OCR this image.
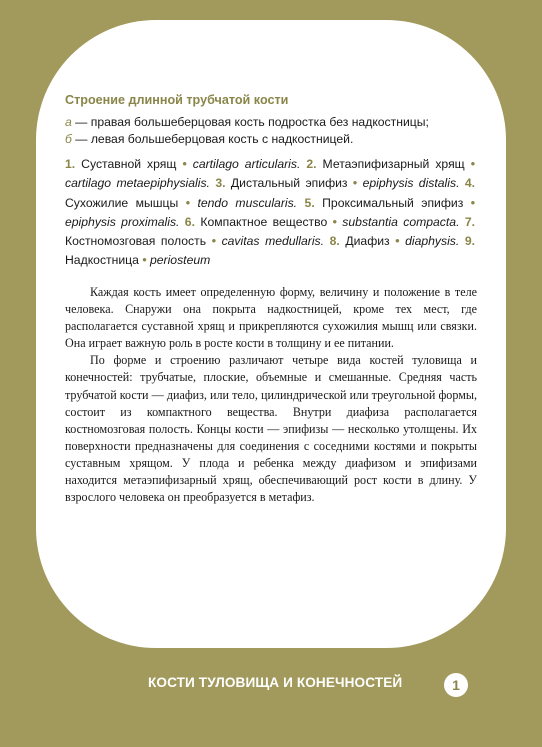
Строение длинной трубчатой кости

а — правая большеберцовая кость подростка без надкостницы;

б — левая большеберцовая кость с надкостницей.

1. Суставной хрящ • cartilago articularis. 2. Метаэпифизарный хрящ • cartilago metaepiphysialis. 3. Дистальный эпифиз • epiphysis distalis. 4. Сухожилие мышцы • tendo muscularis. 5. Проксимальный эпифиз • epiphysis proximalis. 6. Компактное вещество • substantia compacta. 7. Костномозговая полость • cavitas medullaris. 8. Диафиз • diaphysis. 9. Надкостница • periosteum

Каждая кость имеет определенную форму, величину и положение в теле человека. Снаружи она покрыта надкостницей, кроме тех мест, где располагается суставной хрящ и прикрепляются сухожилия мышц или связки. Она играет важную роль в росте кости в толщину и ее питании.

По форме и строению различают четыре вида костей туловища и конечностей: трубчатые, плоские, объемные и смешанные. Средняя часть трубчатой кости — диафиз, или тело, цилиндрической или треугольной формы, состоит из компактного вещества. Внутри диафиза располагается костномозговая полость. Концы кости — эпифизы — несколько утолщены. Их поверхности предназначены для соединения с соседними костями и покрыты суставным хрящом. У плода и ребенка между диафизом и эпифизами находится метаэпифизарный хрящ, обеспечивающий рост кости в длину. У взрослого человека он преобразуется в метафиз.

КОСТИ ТУЛОВИЩА И КОНЕЧНОСТЕЙ	1
